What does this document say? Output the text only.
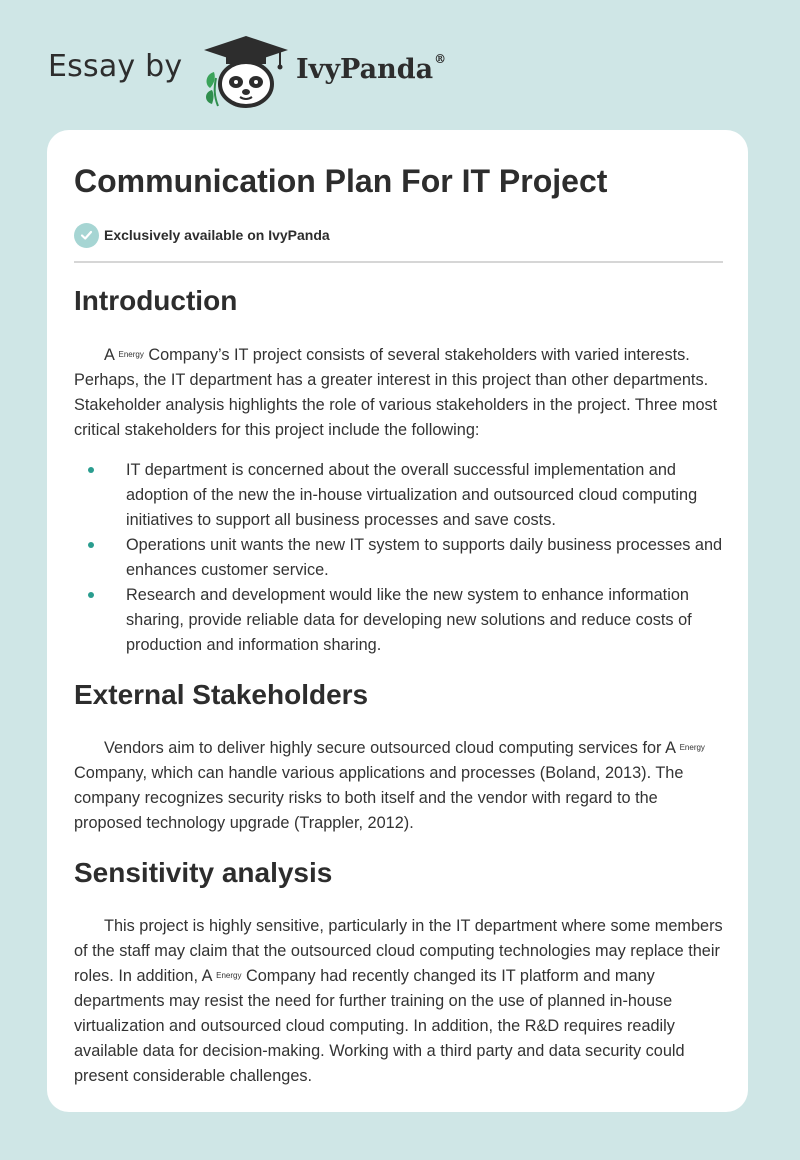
Essay by	IvyPanda®
Communication Plan For IT Project
Exclusively available on IvyPanda
Introduction

A $^{Energy}$ Company’s IT project consists of several stakeholders with varied interests. Perhaps, the IT department has a greater interest in this project than other departments. Stakeholder analysis highlights the role of various stakeholders in the project. Three most critical stakeholders for this project include the following:

IT department is concerned about the overall successful implementation and adoption of the new the in-house virtualization and outsourced cloud computing initiatives to support all business processes and save costs.
Operations unit wants the new IT system to supports daily business processes and enhances customer service.
Research and development would like the new system to enhance information sharing, provide reliable data for developing new solutions and reduce costs of production and information sharing.
External Stakeholders

Vendors aim to deliver highly secure outsourced cloud computing services for A $^{Energy}$ Company, which can handle various applications and processes (Boland, 2013). The company recognizes security risks to both itself and the vendor with regard to the proposed technology upgrade (Trappler, 2012).

Sensitivity analysis

This project is highly sensitive, particularly in the IT department where some members of the staff may claim that the outsourced cloud computing technologies may replace their roles. In addition, A $^{Energy}$ Company had recently changed its IT platform and many departments may resist the need for further training on the use of planned in-house virtualization and outsourced cloud computing. In addition, the R&D requires readily available data for decision-making. Working with a third party and data security could present considerable challenges.
